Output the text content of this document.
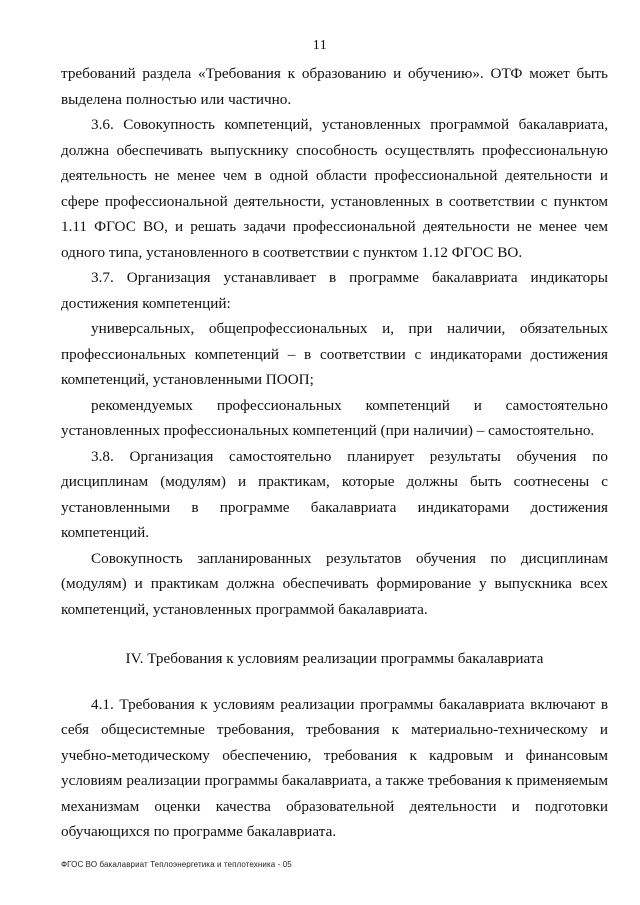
11

требований раздела «Требования к образованию и обучению». ОТФ может быть выделена полностью или частично.

3.6. Совокупность компетенций, установленных программой бакалавриата, должна обеспечивать выпускнику способность осуществлять профессиональную деятельность не менее чем в одной области профессиональной деятельности и сфере профессиональной деятельности, установленных в соответствии с пунктом 1.11 ФГОС ВО, и решать задачи профессиональной деятельности не менее чем одного типа, установленного в соответствии с пунктом 1.12 ФГОС ВО.

3.7. Организация устанавливает в программе бакалавриата индикаторы достижения компетенций:

универсальных, общепрофессиональных и, при наличии, обязательных профессиональных компетенций – в соответствии с индикаторами достижения компетенций, установленными ПООП;

рекомендуемых профессиональных компетенций и самостоятельно установленных профессиональных компетенций (при наличии) – самостоятельно.

3.8. Организация самостоятельно планирует результаты обучения по дисциплинам (модулям) и практикам, которые должны быть соотнесены с установленными в программе бакалавриата индикаторами достижения компетенций.

Совокупность запланированных результатов обучения по дисциплинам (модулям) и практикам должна обеспечивать формирование у выпускника всех компетенций, установленных программой бакалавриата.

IV. Требования к условиям реализации программы бакалавриата

4.1. Требования к условиям реализации программы бакалавриата включают в себя общесистемные требования, требования к материально-техническому и учебно-методическому обеспечению, требования к кадровым и финансовым условиям реализации программы бакалавриата, а также требования к применяемым механизмам оценки качества образовательной деятельности и подготовки обучающихся по программе бакалавриата.

ФГОС ВО бакалавриат Теплоэнергетика и теплотехника - 05
